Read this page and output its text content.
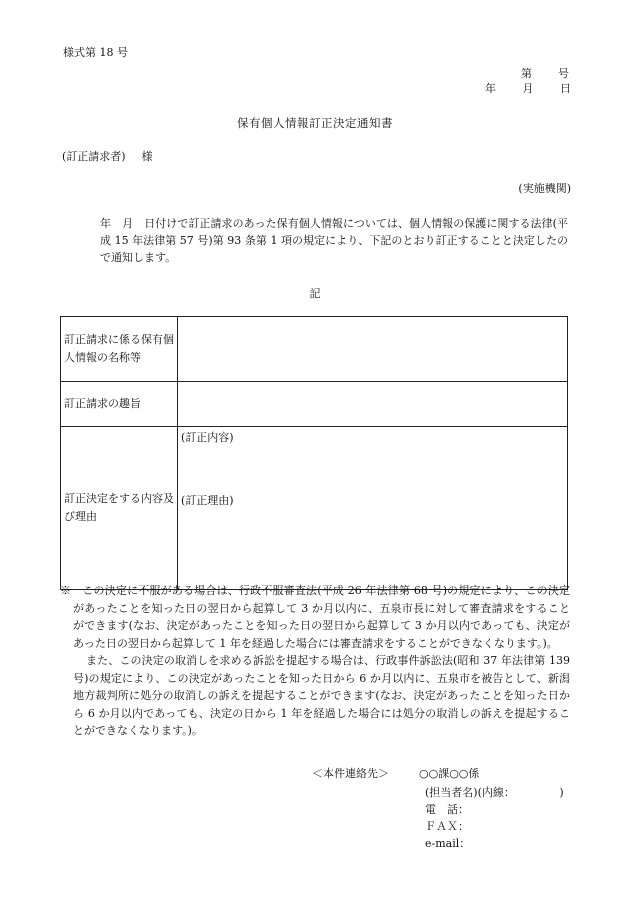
様式第 18 号
第 号
年 月 日
保有個人情報訂正決定通知書
(訂正請求者) 様
(実施機関)
年　月　日付けで訂正請求のあった保有個人情報については、個人情報の保護に関する法律(平成 15 年法律第 57 号)第 93 条第 1 項の規定により、下記のとおり訂正することと決定したので通知します。
記
訂正請求に係る保有個人情報の名称等	
訂正請求の趣旨	
訂正決定をする内容及び理由	(訂正内容)
(訂正理由)

※　この決定に不服がある場合は、行政不服審査法(平成 26 年法律第 68 号)の規定により、この決定があったことを知った日の翌日から起算して 3 か月以内に、五泉市長に対して審査請求をすることができます(なお、決定があったことを知った日の翌日から起算して 3 か月以内であっても、決定があった日の翌日から起算して 1 年を経過した場合には審査請求をすることができなくなります。)。

また、この決定の取消しを求める訴訟を提起する場合は、行政事件訴訟法(昭和 37 年法律第 139 号)の規定により、この決定があったことを知った日から 6 か月以内に、五泉市を被告として、新潟地方裁判所に処分の取消しの訴えを提起することができます(なお、決定があったことを知った日から 6 か月以内であっても、決定の日から 1 年を経過した場合には処分の取消しの訴えを提起することができなくなります。)。

＜本件連絡先＞	○○課○○係
(担当者名)(内線：	)
電　話：
ＦＡＸ：
e-mail：
